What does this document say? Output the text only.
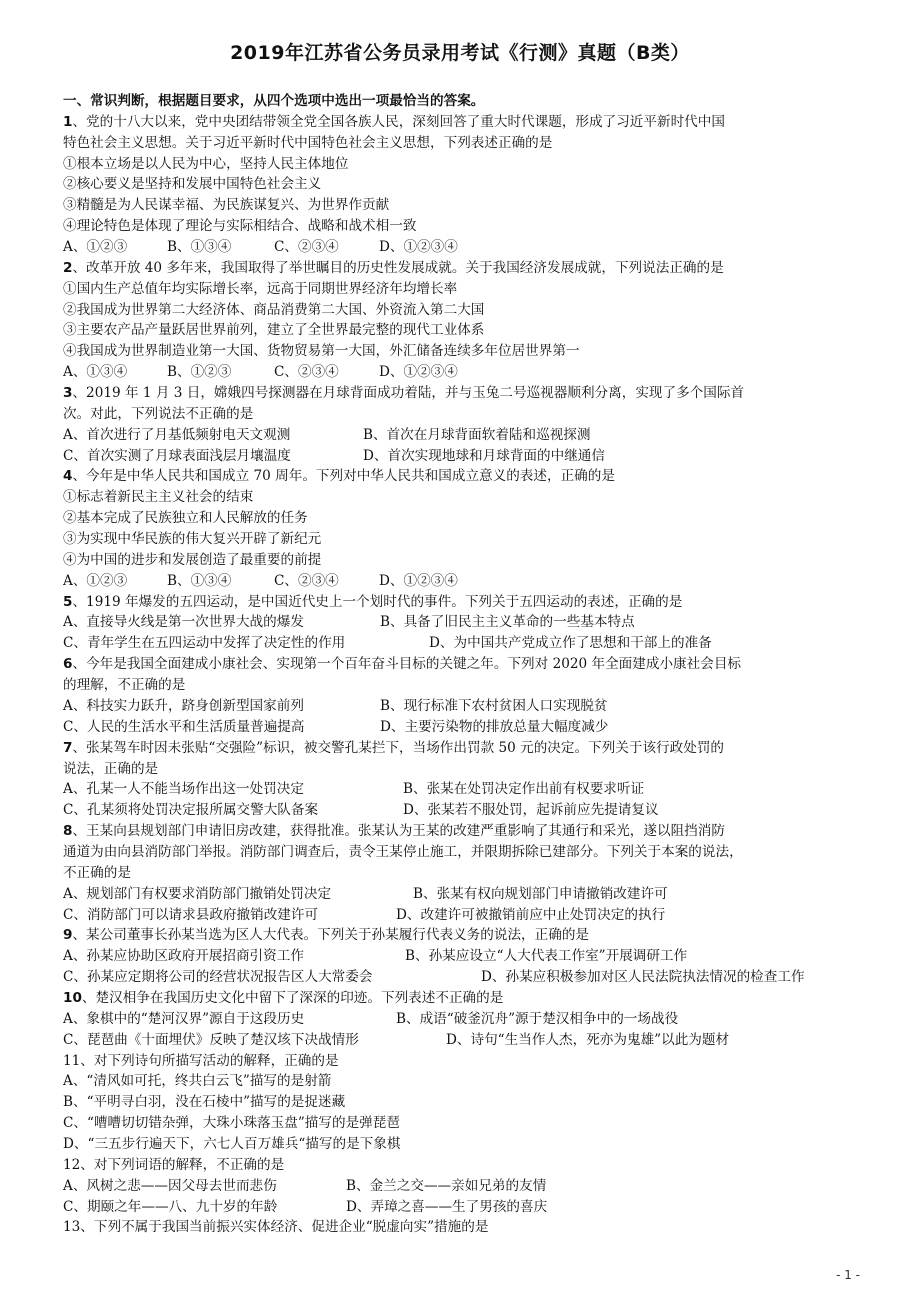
2019年江苏省公务员录用考试《行测》真题（B类）
一、常识判断，根据题目要求，从四个选项中选出一项最恰当的答案。
1、党的十八大以来，党中央团结带领全党全国各族人民，深刻回答了重大时代课题，形成了习近平新时代中国
特色社会主义思想。关于习近平新时代中国特色社会主义思想，下列表述正确的是
①根本立场是以人民为中心，坚持人民主体地位
②核心要义是坚持和发展中国特色社会主义
③精髓是为人民谋幸福、为民族谋复兴、为世界作贡献
④理论特色是体现了理论与实际相结合、战略和战术相一致
A、①②③	B、①③④	C、②③④	D、①②③④
2、改革开放 40 多年来，我国取得了举世瞩目的历史性发展成就。关于我国经济发展成就，下列说法正确的是
①国内生产总值年均实际增长率，远高于同期世界经济年均增长率
②我国成为世界第二大经济体、商品消费第二大国、外资流入第二大国
③主要农产品产量跃居世界前列，建立了全世界最完整的现代工业体系
④我国成为世界制造业第一大国、货物贸易第一大国，外汇储备连续多年位居世界第一
A、①③④	B、①②③	C、②③④	D、①②③④
3、2019 年 1 月 3 日，嫦娥四号探测器在月球背面成功着陆，并与玉兔二号巡视器顺利分离，实现了多个国际首
次。对此，下列说法不正确的是
A、首次进行了月基低频射电天文观测	B、首次在月球背面软着陆和巡视探测
C、首次实测了月球表面浅层月壤温度	D、首次实现地球和月球背面的中继通信
4、今年是中华人民共和国成立 70 周年。下列对中华人民共和国成立意义的表述，正确的是
①标志着新民主主义社会的结束
②基本完成了民族独立和人民解放的任务
③为实现中华民族的伟大复兴开辟了新纪元
④为中国的进步和发展创造了最重要的前提
A、①②③	B、①③④	C、②③④	D、①②③④
5、1919 年爆发的五四运动，是中国近代史上一个划时代的事件。下列关于五四运动的表述，正确的是
A、直接导火线是第一次世界大战的爆发	B、具备了旧民主主义革命的一些基本特点
C、青年学生在五四运动中发挥了决定性的作用	D、为中国共产党成立作了思想和干部上的准备
6、今年是我国全面建成小康社会、实现第一个百年奋斗目标的关键之年。下列对 2020 年全面建成小康社会目标
的理解，不正确的是
A、科技实力跃升，跻身创新型国家前列	B、现行标准下农村贫困人口实现脱贫
C、人民的生活水平和生活质量普遍提高	D、主要污染物的排放总量大幅度减少
7、张某驾车时因未张贴“交强险”标识，被交警孔某拦下，当场作出罚款 50 元的决定。下列关于该行政处罚的
说法，正确的是
A、孔某一人不能当场作出这一处罚决定	B、张某在处罚决定作出前有权要求听证
C、孔某须将处罚决定报所属交警大队备案	D、张某若不服处罚，起诉前应先提请复议
8、王某向县规划部门申请旧房改建，获得批准。张某认为王某的改建严重影响了其通行和采光，遂以阻挡消防
通道为由向县消防部门举报。消防部门调查后，责令王某停止施工，并限期拆除已建部分。下列关于本案的说法，
不正确的是
A、规划部门有权要求消防部门撤销处罚决定	B、张某有权向规划部门申请撤销改建许可
C、消防部门可以请求县政府撤销改建许可	D、改建许可被撤销前应中止处罚决定的执行
9、某公司董事长孙某当选为区人大代表。下列关于孙某履行代表义务的说法，正确的是
A、孙某应协助区政府开展招商引资工作	B、孙某应设立“人大代表工作室”开展调研工作
C、孙某应定期将公司的经营状况报告区人大常委会	D、孙某应积极参加对区人民法院执法情况的检查工作
10、楚汉相争在我国历史文化中留下了深深的印迹。下列表述不正确的是
A、象棋中的“楚河汉界”源自于这段历史	B、成语“破釜沉舟”源于楚汉相争中的一场战役
C、琵琶曲《十面埋伏》反映了楚汉垓下决战情形	D、诗句“生当作人杰，死亦为鬼雄”以此为题材
11、对下列诗句所描写活动的解释，正确的是
A、“清风如可托，终共白云飞”描写的是射箭
B、“平明寻白羽，没在石棱中”描写的是捉迷藏
C、“嘈嘈切切错杂弹，大珠小珠落玉盘”描写的是弹琵琶
D、“三五步行遍天下，六七人百万雄兵“描写的是下象棋
12、对下列词语的解释，不正确的是
A、风树之悲——因父母去世而悲伤	B、金兰之交——亲如兄弟的友情
C、期颐之年——八、九十岁的年龄	D、弄璋之喜——生了男孩的喜庆
13、下列不属于我国当前振兴实体经济、促进企业“脱虚向实”措施的是
- 1 -
